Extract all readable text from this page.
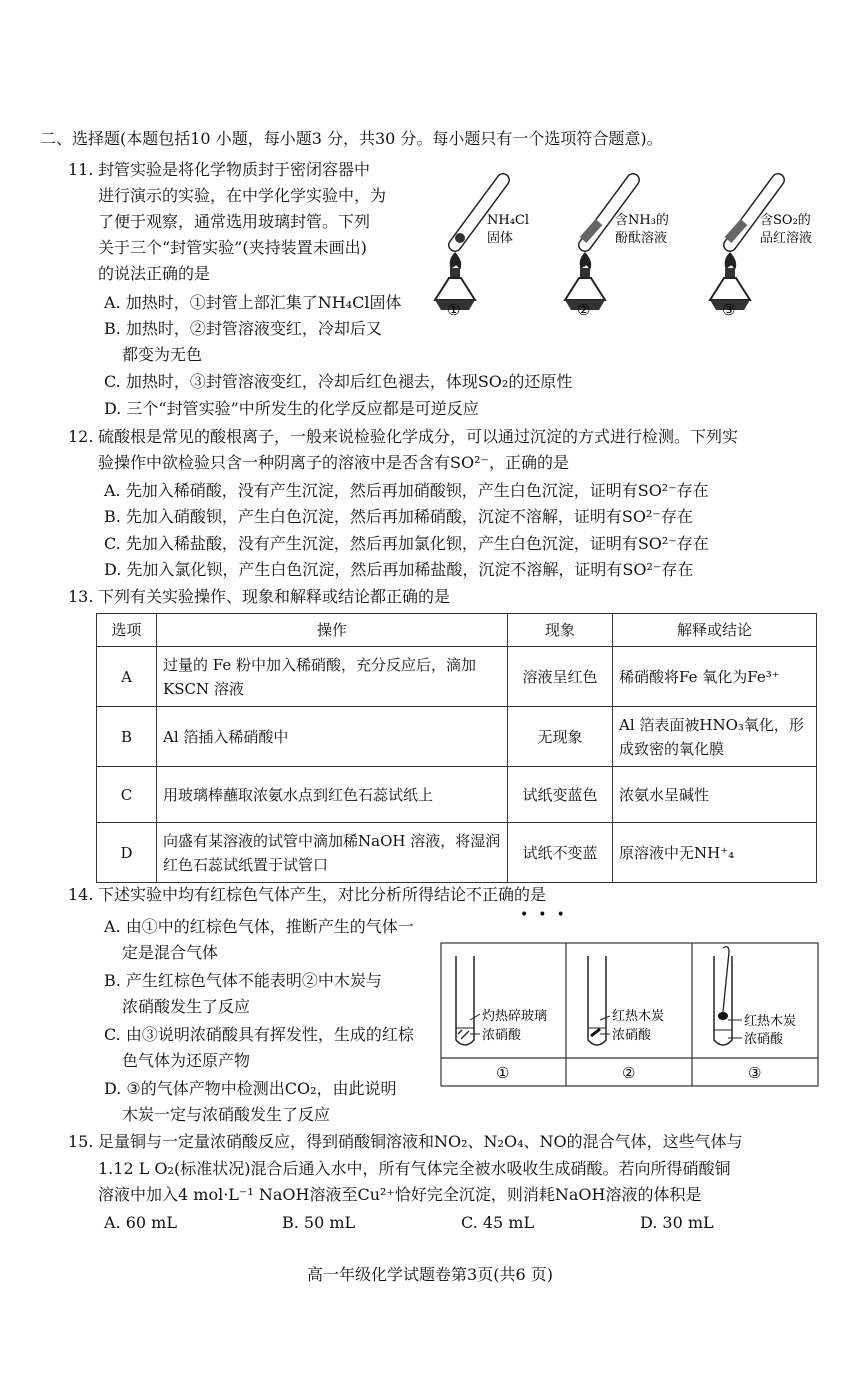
二、选择题(本题包括10 小题，每小题3 分，共30 分。每小题只有一个选项符合题意)。
11. 封管实验是将化学物质封于密闭容器中
进行演示的实验，在中学化学实验中，为
了便于观察，通常选用玻璃封管。下列
关于三个“封管实验”(夹持装置未画出)
的说法正确的是
A. 加热时，①封管上部汇集了NH₄Cl固体
B. 加热时，②封管溶液变红，冷却后又
都变为无色
C. 加热时，③封管溶液变红，冷却后红色褪去，体现SO₂的还原性
D. 三个“封管实验”中所发生的化学反应都是可逆反应
NH₄Cl
固体
含NH₃的
酚酞溶液
含SO₂的
品红溶液
①	②	③
12. 硫酸根是常见的酸根离子，一般来说检验化学成分，可以通过沉淀的方式进行检测。下列实
验操作中欲检验只含一种阴离子的溶液中是否含有SO²⁻，正确的是
A. 先加入稀硝酸，没有产生沉淀，然后再加硝酸钡，产生白色沉淀，证明有SO²⁻存在
B. 先加入硝酸钡，产生白色沉淀，然后再加稀硝酸，沉淀不溶解，证明有SO²⁻存在
C. 先加入稀盐酸，没有产生沉淀，然后再加氯化钡，产生白色沉淀，证明有SO²⁻存在
D. 先加入氯化钡，产生白色沉淀，然后再加稀盐酸，沉淀不溶解，证明有SO²⁻存在
13. 下列有关实验操作、现象和解释或结论都正确的是
选项	操作	现象	解释或结论
A	过量的 Fe 粉中加入稀硝酸，充分反应后，滴加KSCN 溶液	溶液呈红色	稀硝酸将Fe 氧化为Fe³⁺
B	Al 箔插入稀硝酸中	无现象	Al 箔表面被HNO₃氧化，形成致密的氧化膜
C	用玻璃棒蘸取浓氨水点到红色石蕊试纸上	试纸变蓝色	浓氨水呈碱性
D	向盛有某溶液的试管中滴加稀NaOH 溶液，将湿润红色石蕊试纸置于试管口	试纸不变蓝	原溶液中无NH⁺₄
14. 下述实验中均有红棕色气体产生，对比分析所得结论不正确的是
•••
A. 由①中的红棕色气体，推断产生的气体一
定是混合气体
B. 产生红棕色气体不能表明②中木炭与
浓硝酸发生了反应
C. 由③说明浓硝酸具有挥发性，生成的红棕
色气体为还原产物
D. ③的气体产物中检测出CO₂，由此说明
木炭一定与浓硝酸发生了反应
灼热碎玻璃
浓硝酸
红热木炭
浓硝酸
红热木炭
浓硝酸
①	②	③
15. 足量铜与一定量浓硝酸反应，得到硝酸铜溶液和NO₂、N₂O₄、NO的混合气体，这些气体与
1.12 L O₂(标准状况)混合后通入水中，所有气体完全被水吸收生成硝酸。若向所得硝酸铜
溶液中加入4 mol·L⁻¹ NaOH溶液至Cu²⁺恰好完全沉淀，则消耗NaOH溶液的体积是
A. 60 mL	B. 50 mL	C. 45 mL	D. 30 mL
高一年级化学试题卷第3页(共6 页)
